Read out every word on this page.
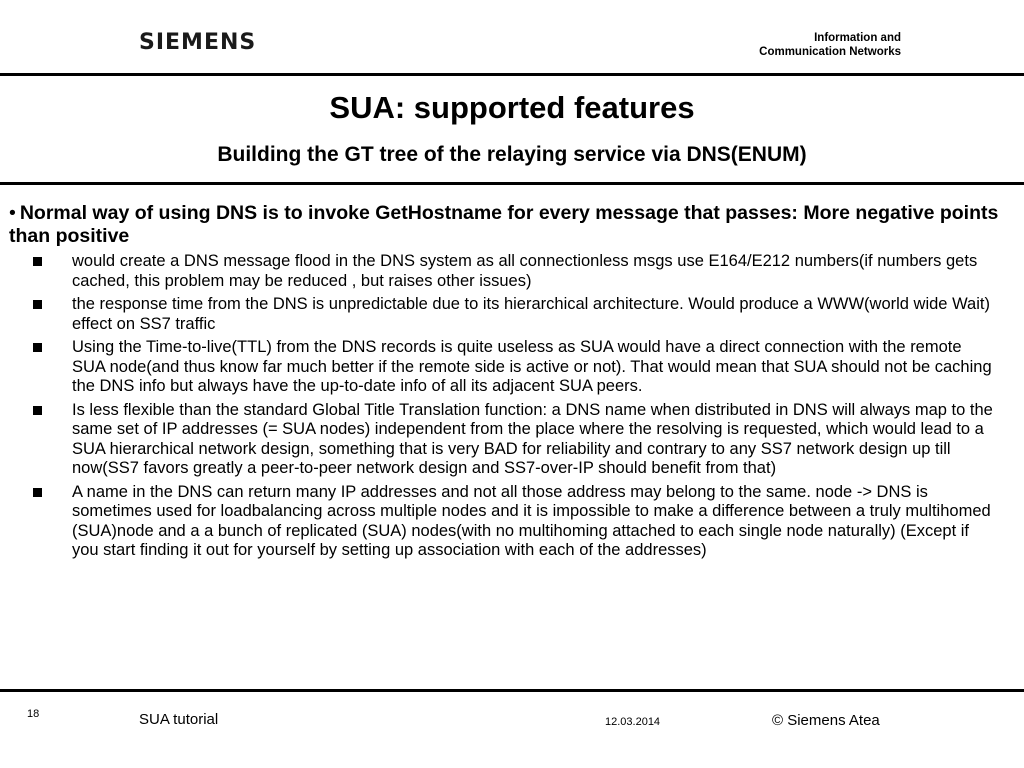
SIEMENS	Information and
Communication Networks
SUA: supported features
Building the GT tree of the relaying service via DNS(ENUM)

• Normal way of using DNS is to invoke GetHostname for every message that passes: More negative points than positive

would create a DNS message flood in the DNS system as all connectionless msgs use E164/E212 numbers(if numbers gets cached, this problem may be reduced , but raises other issues)
the response time from the DNS is unpredictable due to its hierarchical architecture. Would produce a WWW(world wide Wait) effect on SS7 traffic
Using the Time-to-live(TTL) from the DNS records is quite useless as SUA would have a direct connection with the remote SUA node(and thus know far much better if the remote side is active or not). That would mean that SUA should not be caching the DNS info but always have the up-to-date info of all its adjacent SUA peers.
Is less flexible than the standard Global Title Translation function: a DNS name when distributed in DNS will always map to the same set of IP addresses (= SUA nodes) independent from the place where the resolving is requested, which would lead to a SUA hierarchical network design, something that is very BAD for reliability and contrary to any SS7 network design up till now(SS7 favors greatly a peer-to-peer network design and SS7-over-IP should benefit from that)
A name in the DNS can return many IP addresses and not all those address may belong to the same. node -> DNS is sometimes used for loadbalancing across multiple nodes and it is impossible to make a difference between a truly multihomed (SUA)node and a a bunch of replicated (SUA) nodes(with no multihoming attached to each single node naturally) (Except if you start finding it out for yourself by setting up association with each of the addresses)
18	SUA tutorial	12.03.2014	© Siemens Atea
